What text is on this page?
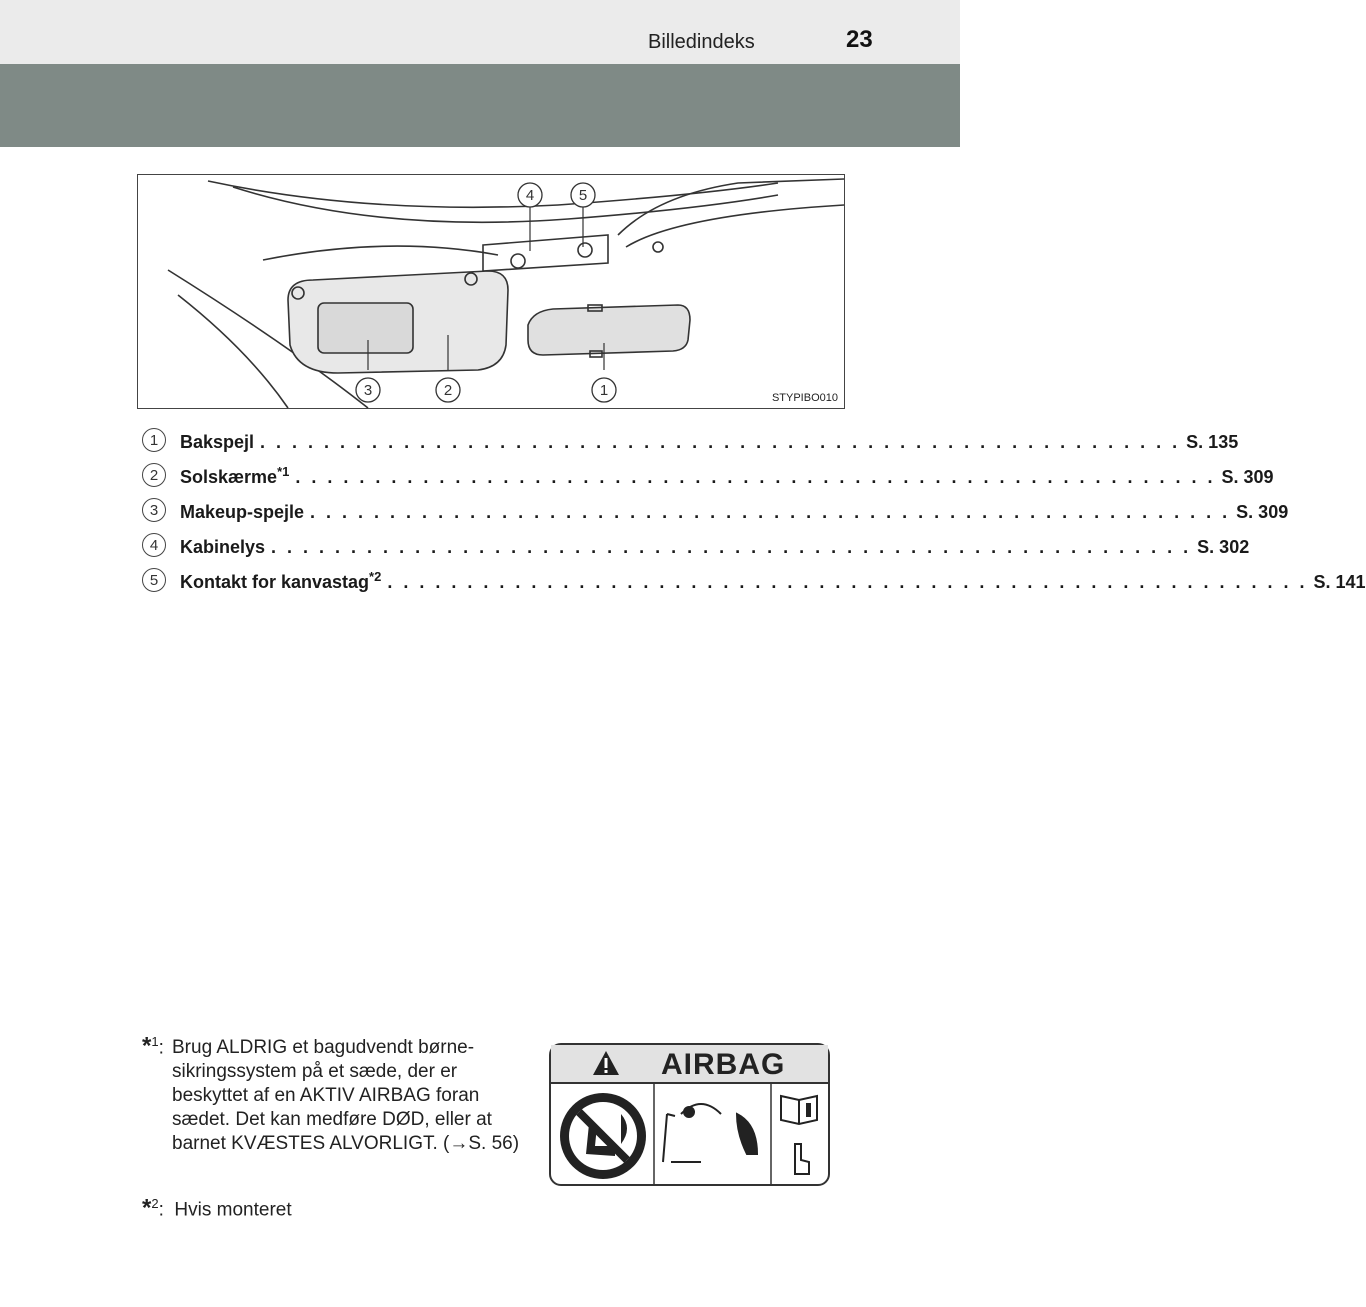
Billedindeks	23
4	5
3	2	1	STYPIBO010
1	Bakspejl . . . . . . . . . . . . . . . . . . . . . . . . . . . . . . . . . . . . . . . . . . . . . . . . . . . . . . . . . . S. 135
2	Solskærme$^{*1}$ . . . . . . . . . . . . . . . . . . . . . . . . . . . . . . . . . . . . . . . . . . . . . . . . . . . . . . . . . . S. 309
3	Makeup-spejle . . . . . . . . . . . . . . . . . . . . . . . . . . . . . . . . . . . . . . . . . . . . . . . . . . . . . . . . . . S. 309
4	Kabinelys . . . . . . . . . . . . . . . . . . . . . . . . . . . . . . . . . . . . . . . . . . . . . . . . . . . . . . . . . . S. 302
5	Kontakt for kanvastag$^{*2}$ . . . . . . . . . . . . . . . . . . . . . . . . . . . . . . . . . . . . . . . . . . . . . . . . . . . . . . . . . . S. 141
*$^1$: Brug ALDRIG et bagudvendt børne-sikringssystem på et sæde, der er beskyttet af en AKTIV AIRBAG foran sædet. Det kan medføre DØD, eller at barnet KVÆSTES ALVORLIGT. (→S. 56)
*$^2$: Hvis monteret
AIRBAG
